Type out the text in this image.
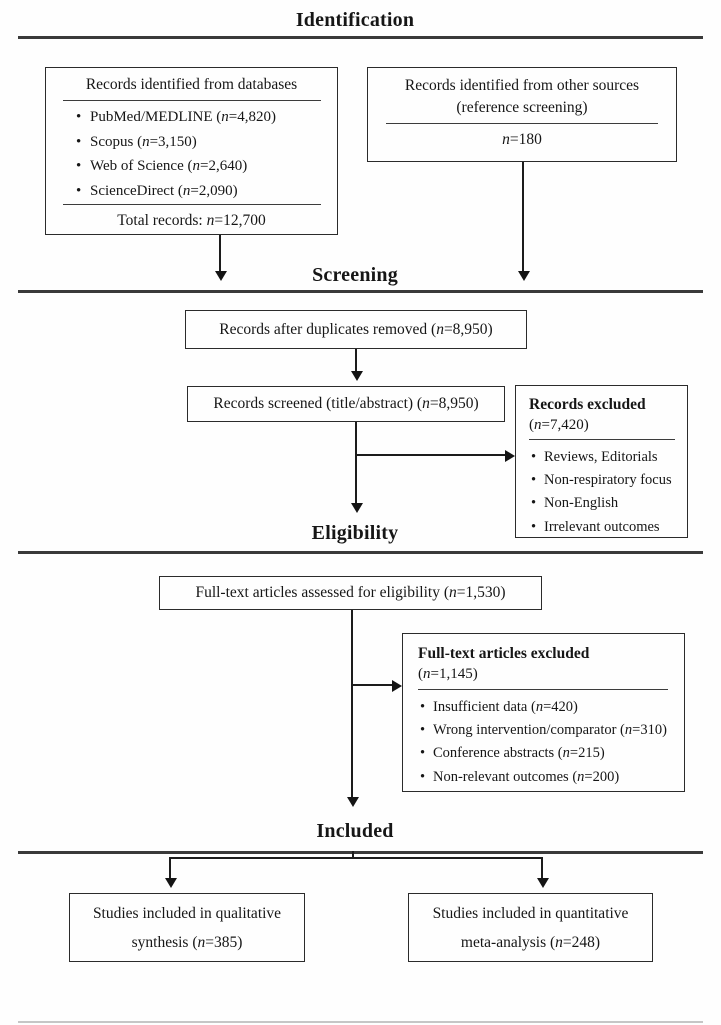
Identification
Records identified from databases
• PubMed/MEDLINE (n=4,820)
• Scopus (n=3,150)
• Web of Science (n=2,640)
• ScienceDirect (n=2,090)
Total records: n=12,700
Records identified from other sources
(reference screening)
n=180
Screening
Records after duplicates removed (n=8,950)
Records screened (title/abstract) (n=8,950)	Records excluded
(n=7,420)
• Reviews, Editorials
• Non-respiratory focus
• Non-English
• Irrelevant outcomes
Eligibility
Full-text articles assessed for eligibility (n=1,530)
Full-text articles excluded
(n=1,145)
• Insufficient data (n=420)
• Wrong intervention/comparator (n=310)
• Conference abstracts (n=215)
• Non-relevant outcomes (n=200)
Included
Studies included in qualitative
synthesis (n=385)
Studies included in quantitative
meta-analysis (n=248)
